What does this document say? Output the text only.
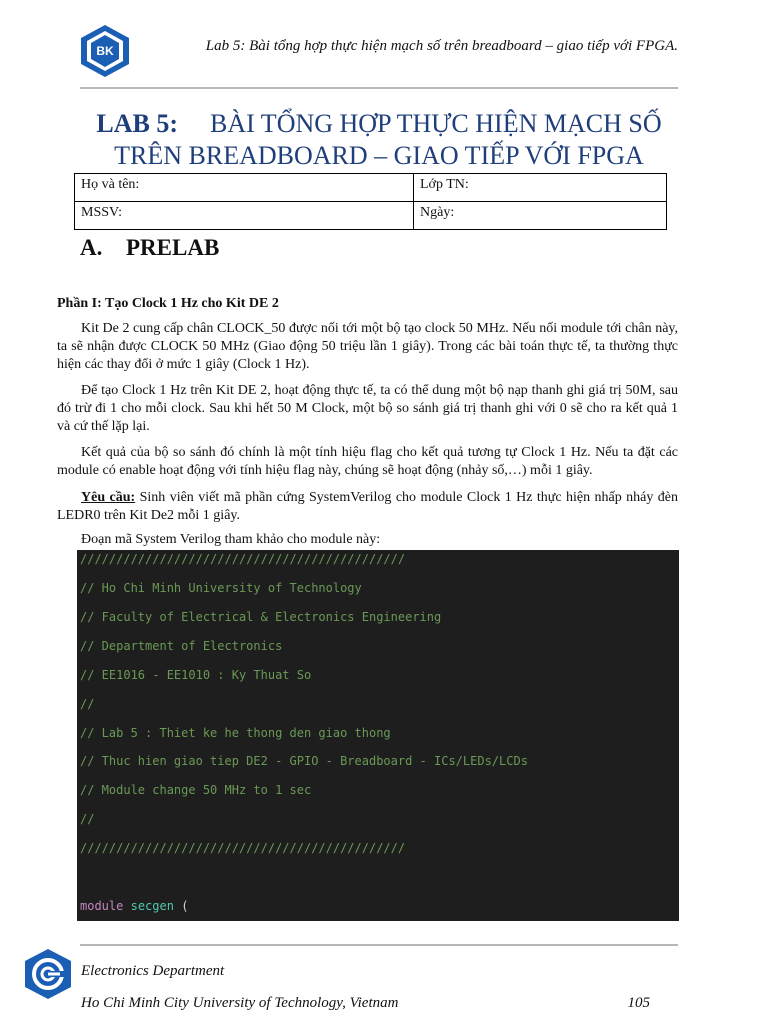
BK	Lab 5: Bài tổng hợp thực hiện mạch số trên breadboard – giao tiếp với FPGA.
LAB 5: BÀI TỔNG HỢP THỰC HIỆN MẠCH SỐ
TRÊN BREADBOARD – GIAO TIẾP VỚI FPGA
Họ và tên:	Lớp TN:
MSSV:	Ngày:
A. PRELAB
Phần I: Tạo Clock 1 Hz cho Kit DE 2
Kit De 2 cung cấp chân CLOCK_50 được nối tới một bộ tạo clock 50 MHz. Nếu nối module tới chân này, ta sẽ nhận được CLOCK 50 MHz (Giao động 50 triệu lần 1 giây). Trong các bài toán thực tế, ta thường thực hiện các thay đổi ở mức 1 giây (Clock 1 Hz).
Để tạo Clock 1 Hz trên Kit DE 2, hoạt động thực tế, ta có thể dung một bộ nạp thanh ghi giá trị 50M, sau đó trừ đi 1 cho mỗi clock. Sau khi hết 50 M Clock, một bộ so sánh giá trị thanh ghi với 0 sẽ cho ra kết quả 1 và cứ thế lặp lại.
Kết quả của bộ so sánh đó chính là một tính hiệu flag cho kết quả tương tự Clock 1 Hz. Nếu ta đặt các module có enable hoạt động với tính hiệu flag này, chúng sẽ hoạt động (nhảy số,…) mỗi 1 giây.
Yêu cầu: Sinh viên viết mã phần cứng SystemVerilog cho module Clock 1 Hz thực hiện nhấp nháy đèn LEDR0 trên Kit De2 mỗi 1 giây.
Đoạn mã System Verilog tham khảo cho module này:
/////////////////////////////////////////////
// Ho Chi Minh University of Technology
// Faculty of Electrical & Electronics Engineering
// Department of Electronics
// EE1016 - EE1010 : Ky Thuat So
//
// Lab 5 : Thiet ke he thong den giao thong
// Thuc hien giao tiep DE2 - GPIO - Breadboard - ICs/LEDs/LCDs
// Module change 50 MHz to 1 sec
//
/////////////////////////////////////////////
module secgen (
Electronics Department
Ho Chi Minh City University of Technology, Vietnam	105
